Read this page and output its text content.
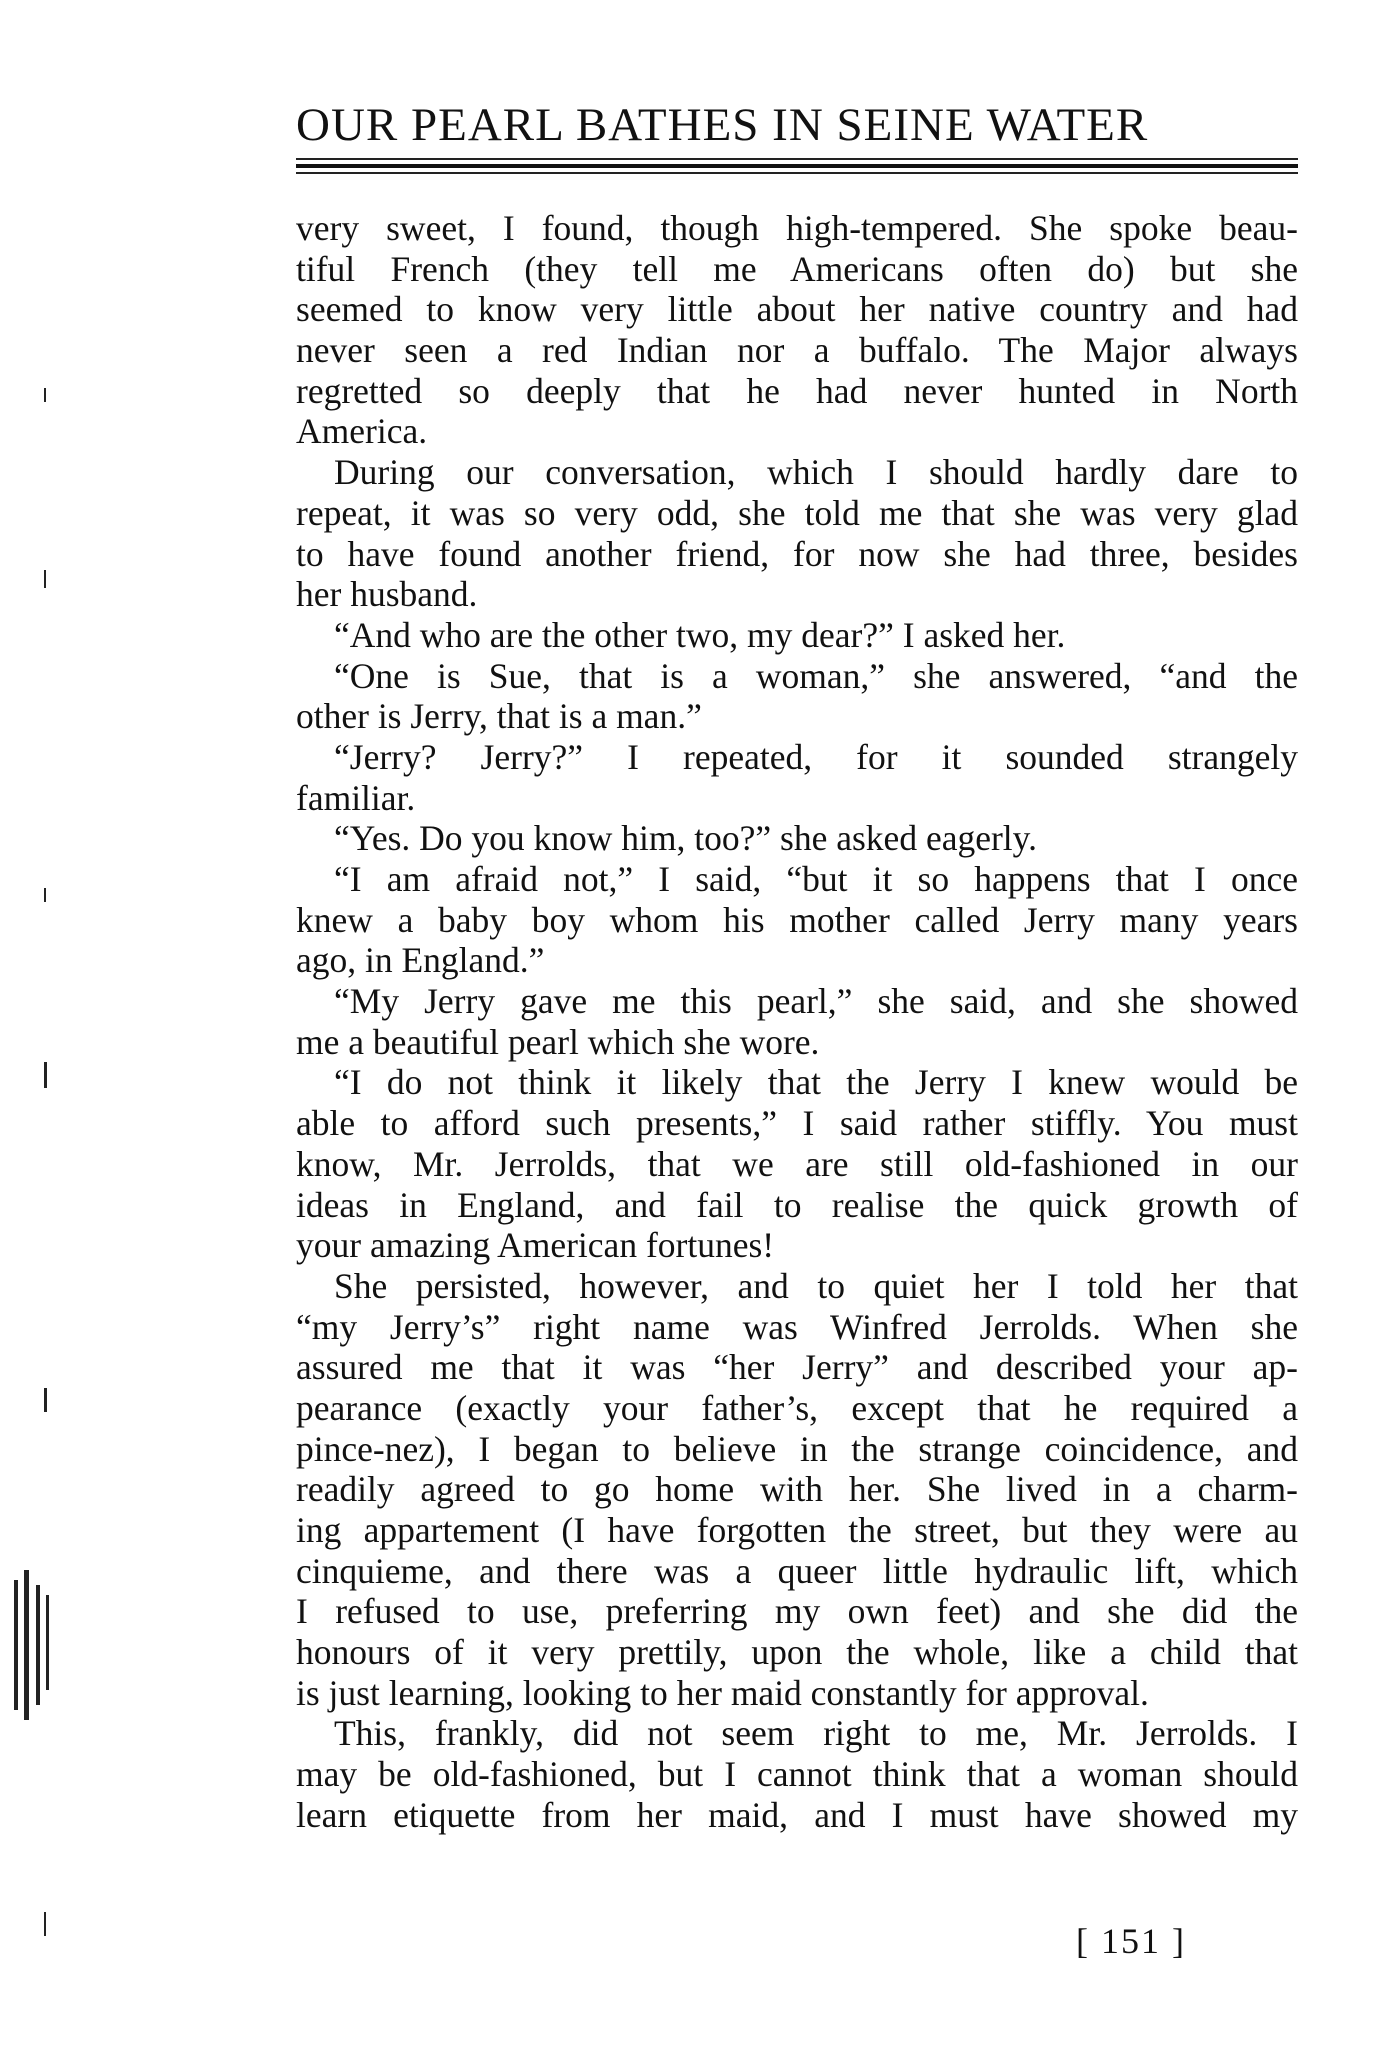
OUR PEARL BATHES IN SEINE WATER
very sweet, I found, though high-tempered. She spoke beau-
tiful French (they tell me Americans often do) but she
seemed to know very little about her native country and had
never seen a red Indian nor a buffalo. The Major always
regretted so deeply that he had never hunted in North
America.
During our conversation, which I should hardly dare to
repeat, it was so very odd, she told me that she was very glad
to have found another friend, for now she had three, besides
her husband.
“And who are the other two, my dear?” I asked her.
“One is Sue, that is a woman,” she answered, “and the
other is Jerry, that is a man.”
“Jerry? Jerry?” I repeated, for it sounded strangely
familiar.
“Yes. Do you know him, too?” she asked eagerly.
“I am afraid not,” I said, “but it so happens that I once
knew a baby boy whom his mother called Jerry many years
ago, in England.”
“My Jerry gave me this pearl,” she said, and she showed
me a beautiful pearl which she wore.
“I do not think it likely that the Jerry I knew would be
able to afford such presents,” I said rather stiffly. You must
know, Mr. Jerrolds, that we are still old-fashioned in our
ideas in England, and fail to realise the quick growth of
your amazing American fortunes!
She persisted, however, and to quiet her I told her that
“my Jerry’s” right name was Winfred Jerrolds. When she
assured me that it was “her Jerry” and described your ap-
pearance (exactly your father’s, except that he required a
pince-nez), I began to believe in the strange coincidence, and
readily agreed to go home with her. She lived in a charm-
ing appartement (I have forgotten the street, but they were au
cinquieme, and there was a queer little hydraulic lift, which
I refused to use, preferring my own feet) and she did the
honours of it very prettily, upon the whole, like a child that
is just learning, looking to her maid constantly for approval.
This, frankly, did not seem right to me, Mr. Jerrolds. I
may be old-fashioned, but I cannot think that a woman should
learn etiquette from her maid, and I must have showed my
[ 151 ]
